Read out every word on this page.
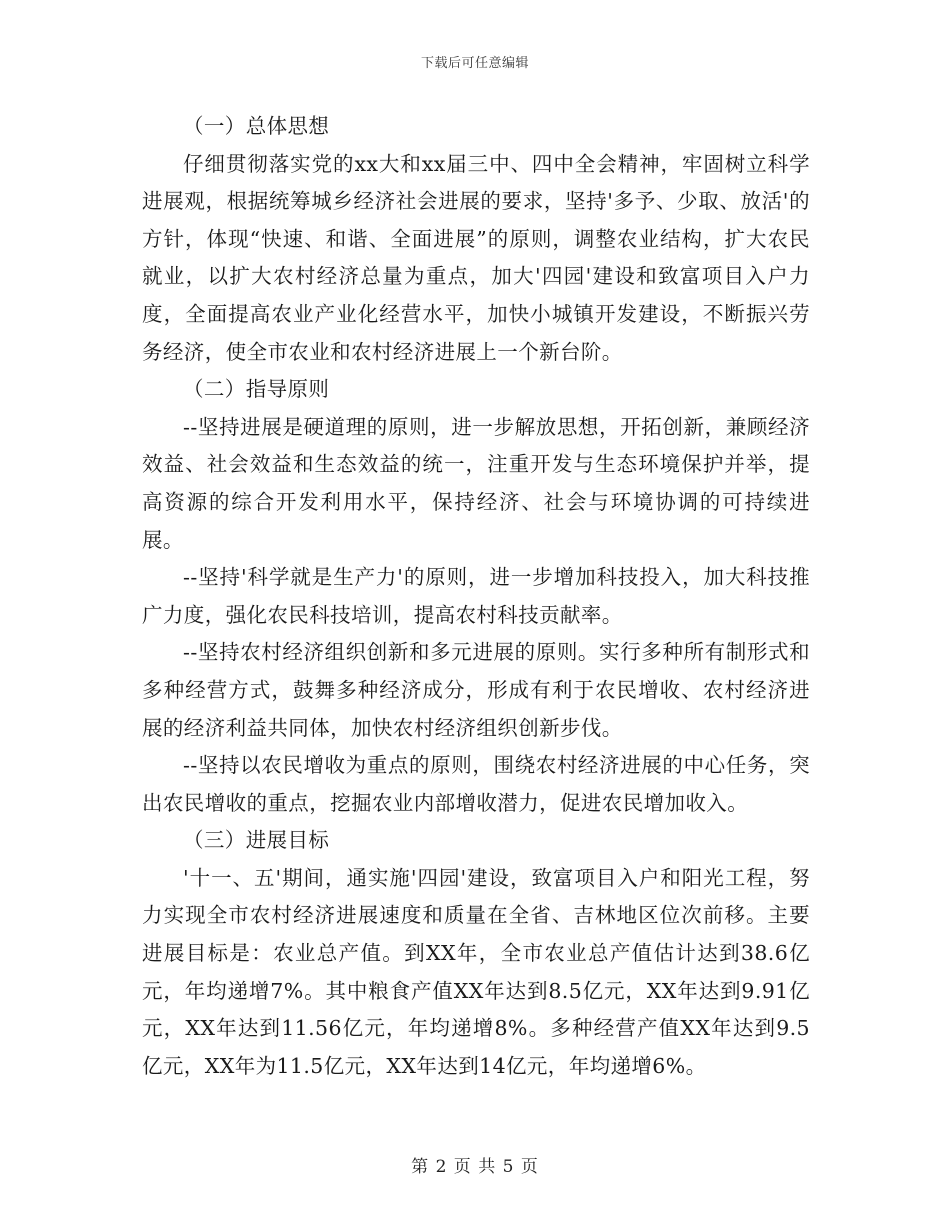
下载后可任意编辑

（一）总体思想

仔细贯彻落实党的xx大和xx届三中、四中全会精神，牢固树立科学进展观，根据统筹城乡经济社会进展的要求，坚持'多予、少取、放活'的方针，体现“快速、和谐、全面进展”的原则，调整农业结构，扩大农民就业，以扩大农村经济总量为重点，加大'四园'建设和致富项目入户力度，全面提高农业产业化经营水平，加快小城镇开发建设，不断振兴劳务经济，使全市农业和农村经济进展上一个新台阶。

（二）指导原则

--坚持进展是硬道理的原则，进一步解放思想，开拓创新，兼顾经济效益、社会效益和生态效益的统一，注重开发与生态环境保护并举，提高资源的综合开发利用水平，保持经济、社会与环境协调的可持续进展。

--坚持'科学就是生产力'的原则，进一步增加科技投入，加大科技推广力度，强化农民科技培训，提高农村科技贡献率。

--坚持农村经济组织创新和多元进展的原则。实行多种所有制形式和多种经营方式，鼓舞多种经济成分，形成有利于农民增收、农村经济进展的经济利益共同体，加快农村经济组织创新步伐。

--坚持以农民增收为重点的原则，围绕农村经济进展的中心任务，突出农民增收的重点，挖掘农业内部增收潜力，促进农民增加收入。

（三）进展目标

'十一、五'期间，通实施'四园'建设，致富项目入户和阳光工程，努力实现全市农村经济进展速度和质量在全省、吉林地区位次前移。主要进展目标是：农业总产值。到XX年，全市农业总产值估计达到38.6亿元，年均递增7%。其中粮食产值XX年达到8.5亿元，XX年达到9.91亿元，XX年达到11.56亿元，年均递增8%。多种经营产值XX年达到9.5亿元，XX年为11.5亿元，XX年达到14亿元，年均递增6%。

第 2 页 共 5 页
